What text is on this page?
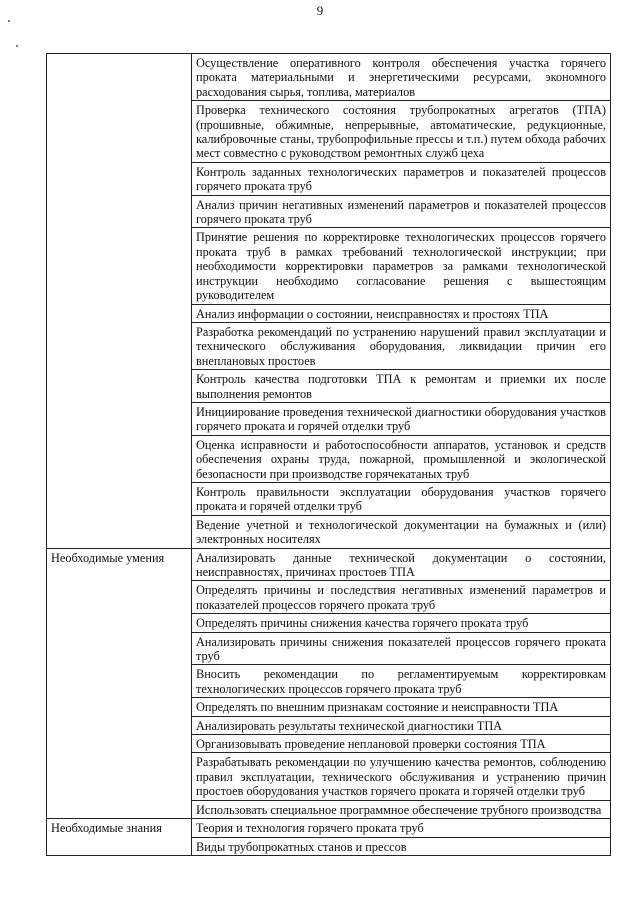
9
	Осуществление оперативного контроля обеспечения участка горячего проката материальными и энергетическими ресурсами, экономного расходования сырья, топлива, материалов
	Проверка технического состояния трубопрокатных агрегатов (ТПА) (прошивные, обжимные, непрерывные, автоматические, редукционные, калибровочные станы, трубопрофильные прессы и т.п.) путем обхода рабочих мест совместно с руководством ремонтных служб цеха
	Контроль заданных технологических параметров и показателей процессов горячего проката труб
	Анализ причин негативных изменений параметров и показателей процессов горячего проката труб
	Принятие решения по корректировке технологических процессов горячего проката труб в рамках требований технологической инструкции; при необходимости корректировки параметров за рамками технологической инструкции необходимо согласование решения с вышестоящим руководителем
	Анализ информации о состоянии, неисправностях и простоях ТПА
	Разработка рекомендаций по устранению нарушений правил эксплуатации и технического обслуживания оборудования, ликвидации причин его внеплановых простоев
	Контроль качества подготовки ТПА к ремонтам и приемки их после выполнения ремонтов
	Инициирование проведения технической диагностики оборудования участков горячего проката и горячей отделки труб
	Оценка исправности и работоспособности аппаратов, установок и средств обеспечения охраны труда, пожарной, промышленной и экологической безопасности при производстве горячекатаных труб
	Контроль правильности эксплуатации оборудования участков горячего проката и горячей отделки труб
	Ведение учетной и технологической документации на бумажных и (или) электронных носителях
Необходимые умения	Анализировать данные технической документации о состоянии, неисправностях, причинах простоев ТПА
	Определять причины и последствия негативных изменений параметров и показателей процессов горячего проката труб
	Определять причины снижения качества горячего проката труб
	Анализировать причины снижения показателей процессов горячего проката труб
	Вносить рекомендации по регламентируемым корректировкам технологических процессов горячего проката труб
	Определять по внешним признакам состояние и неисправности ТПА
	Анализировать результаты технической диагностики ТПА
	Организовывать проведение неплановой проверки состояния ТПА
	Разрабатывать рекомендации по улучшению качества ремонтов, соблюдению правил эксплуатации, технического обслуживания и устранению причин простоев оборудования участков горячего проката и горячей отделки труб
	Использовать специальное программное обеспечение трубного производства
Необходимые знания	Теория и технология горячего проката труб
	Виды трубопрокатных станов и прессов
